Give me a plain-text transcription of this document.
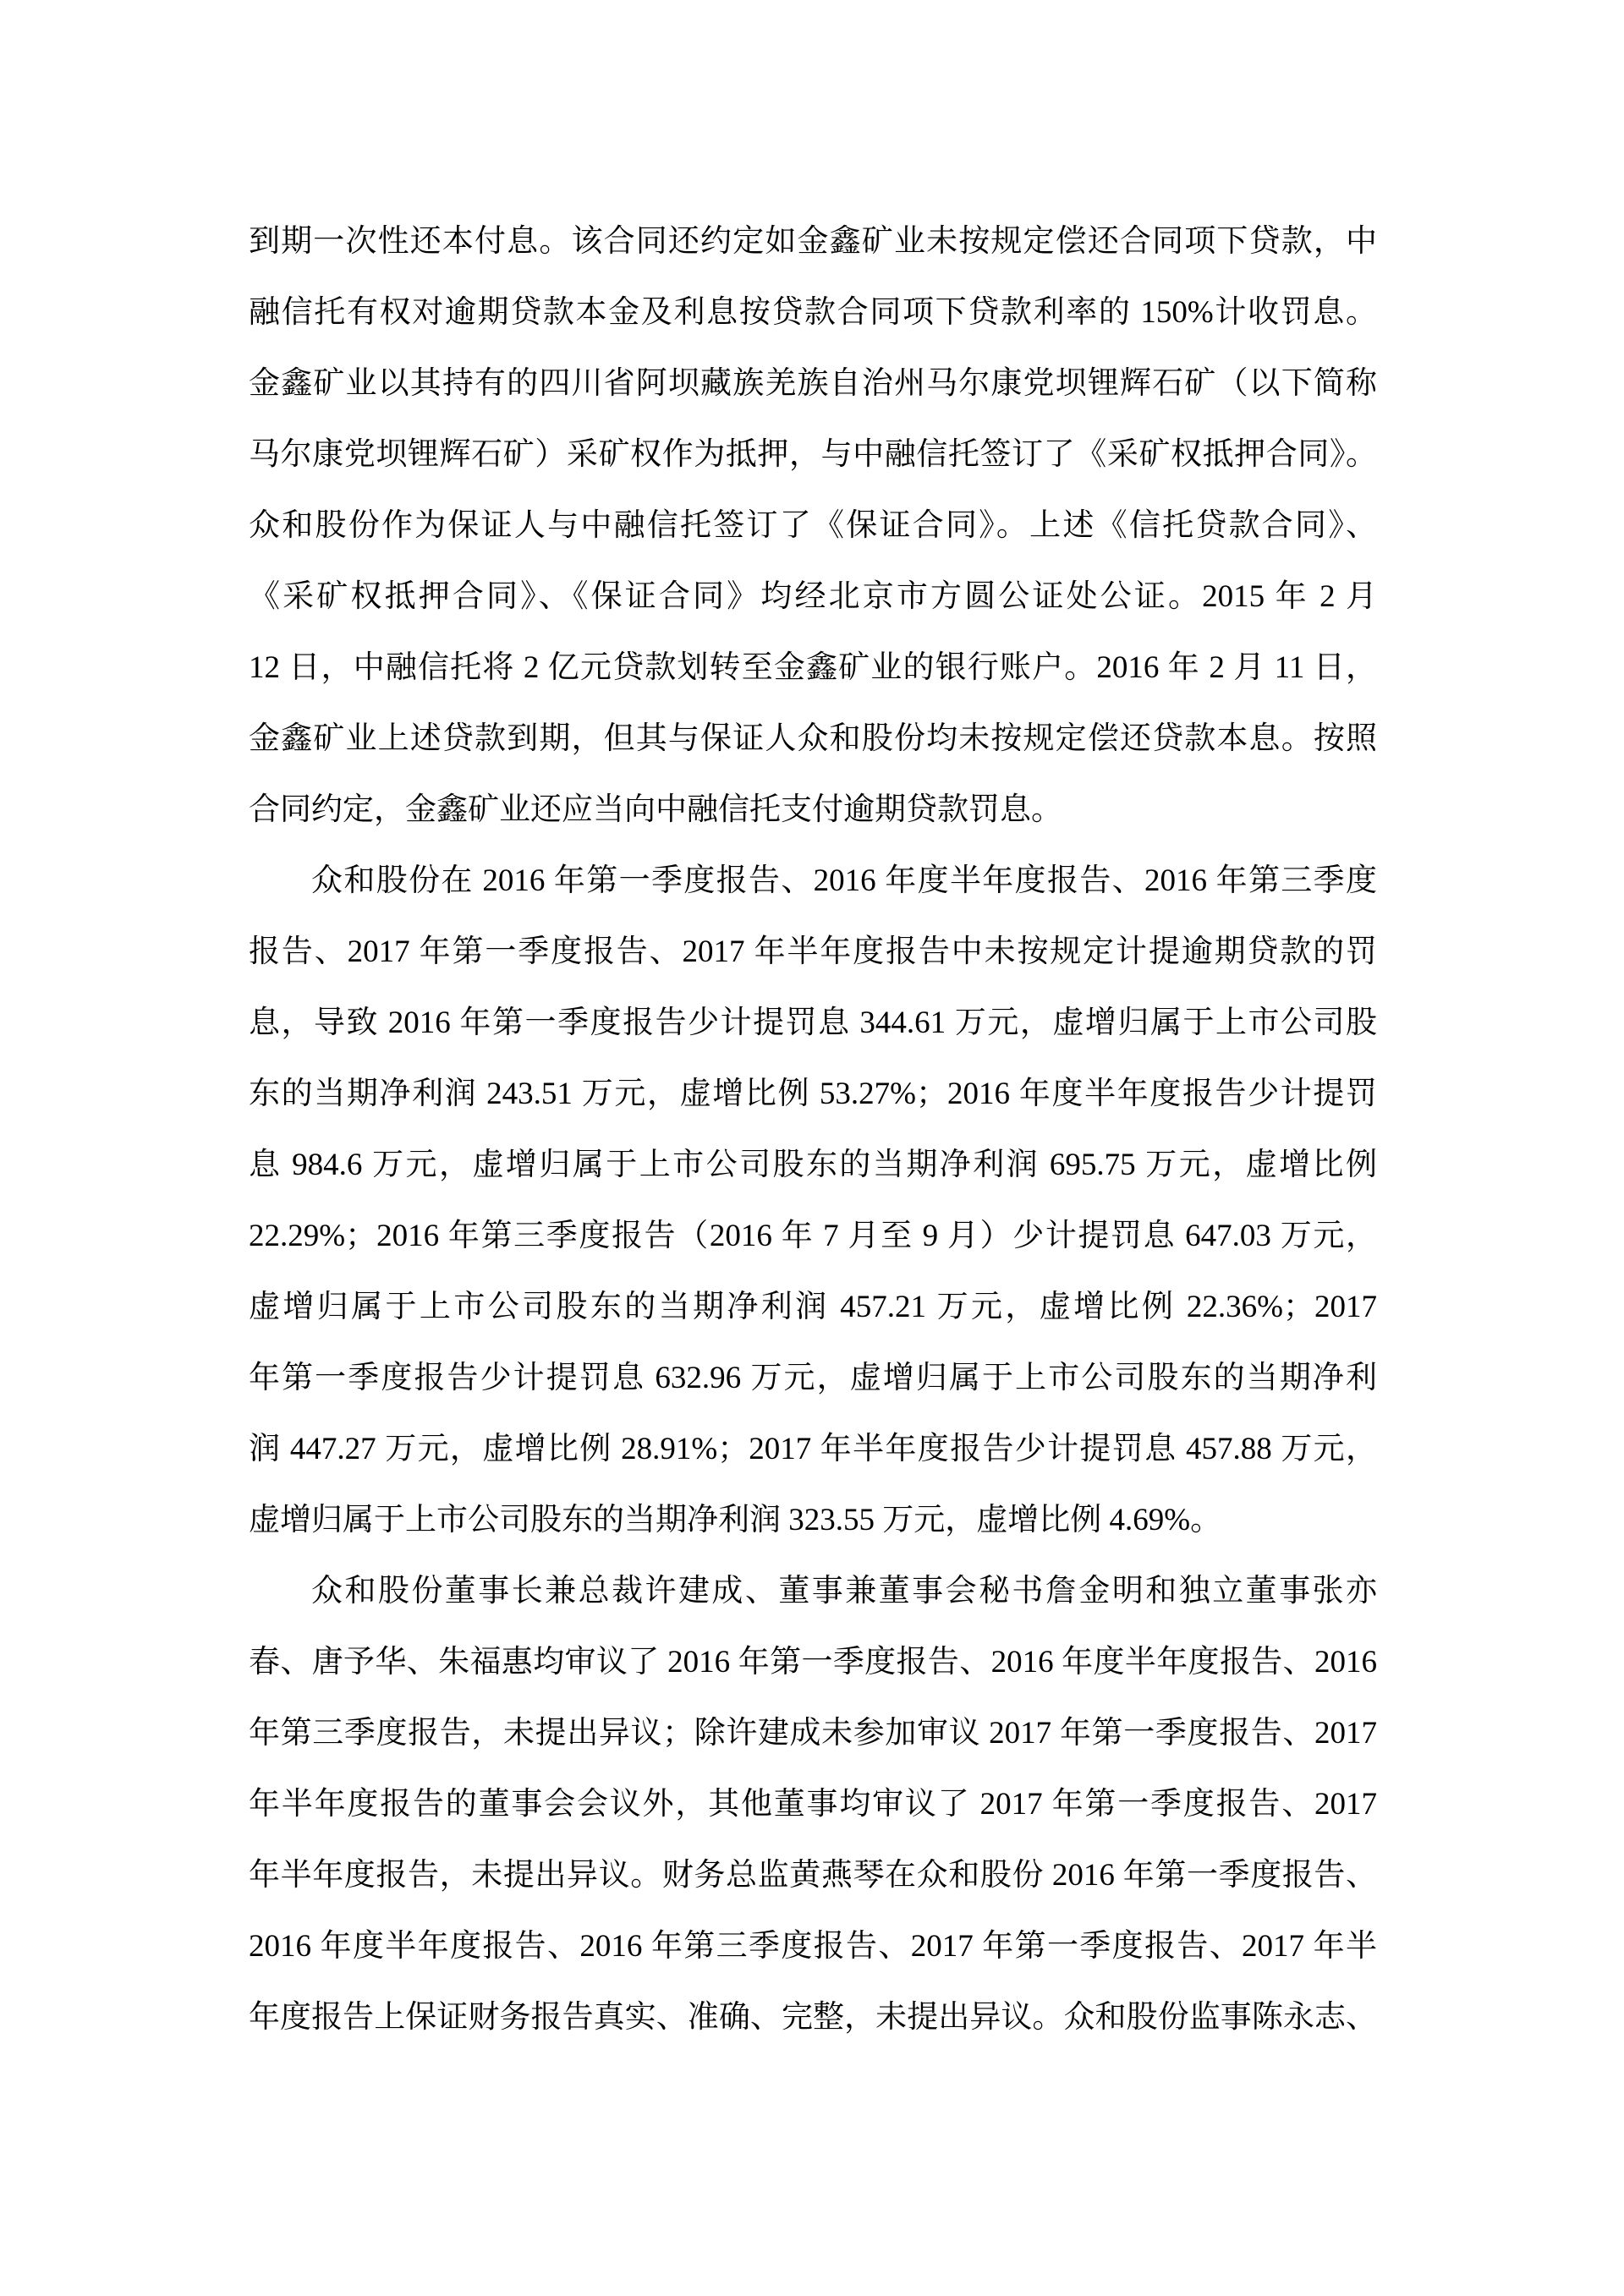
到期一次性还本付息。该合同还约定如金鑫矿业未按规定偿还合同项下贷款，中
融信托有权对逾期贷款本金及利息按贷款合同项下贷款利率的 150%计收罚息。
金鑫矿业以其持有的四川省阿坝藏族羌族自治州马尔康党坝锂辉石矿（以下简称
马尔康党坝锂辉石矿）采矿权作为抵押，与中融信托签订了《采矿权抵押合同》。
众和股份作为保证人与中融信托签订了《保证合同》。上述《信托贷款合同》、
《采矿权抵押合同》、《保证合同》均经北京市方圆公证处公证。2015 年 2 月
12 日，中融信托将 2 亿元贷款划转至金鑫矿业的银行账户。2016 年 2 月 11 日，
金鑫矿业上述贷款到期，但其与保证人众和股份均未按规定偿还贷款本息。按照
合同约定，金鑫矿业还应当向中融信托支付逾期贷款罚息。
众和股份在 2016 年第一季度报告、2016 年度半年度报告、2016 年第三季度
报告、2017 年第一季度报告、2017 年半年度报告中未按规定计提逾期贷款的罚
息，导致 2016 年第一季度报告少计提罚息 344.61 万元，虚增归属于上市公司股
东的当期净利润 243.51 万元，虚增比例 53.27%；2016 年度半年度报告少计提罚
息 984.6 万元，虚增归属于上市公司股东的当期净利润 695.75 万元，虚增比例
22.29%；2016 年第三季度报告（2016 年 7 月至 9 月）少计提罚息 647.03 万元，
虚增归属于上市公司股东的当期净利润 457.21 万元，虚增比例 22.36%；2017
年第一季度报告少计提罚息 632.96 万元，虚增归属于上市公司股东的当期净利
润 447.27 万元，虚增比例 28.91%；2017 年半年度报告少计提罚息 457.88 万元，
虚增归属于上市公司股东的当期净利润 323.55 万元，虚增比例 4.69%。
众和股份董事长兼总裁许建成、董事兼董事会秘书詹金明和独立董事张亦
春、唐予华、朱福惠均审议了 2016 年第一季度报告、2016 年度半年度报告、2016
年第三季度报告，未提出异议；除许建成未参加审议 2017 年第一季度报告、2017
年半年度报告的董事会会议外，其他董事均审议了 2017 年第一季度报告、2017
年半年度报告，未提出异议。财务总监黄燕琴在众和股份 2016 年第一季度报告、
2016 年度半年度报告、2016 年第三季度报告、2017 年第一季度报告、2017 年半
年度报告上保证财务报告真实、准确、完整，未提出异议。众和股份监事陈永志、
